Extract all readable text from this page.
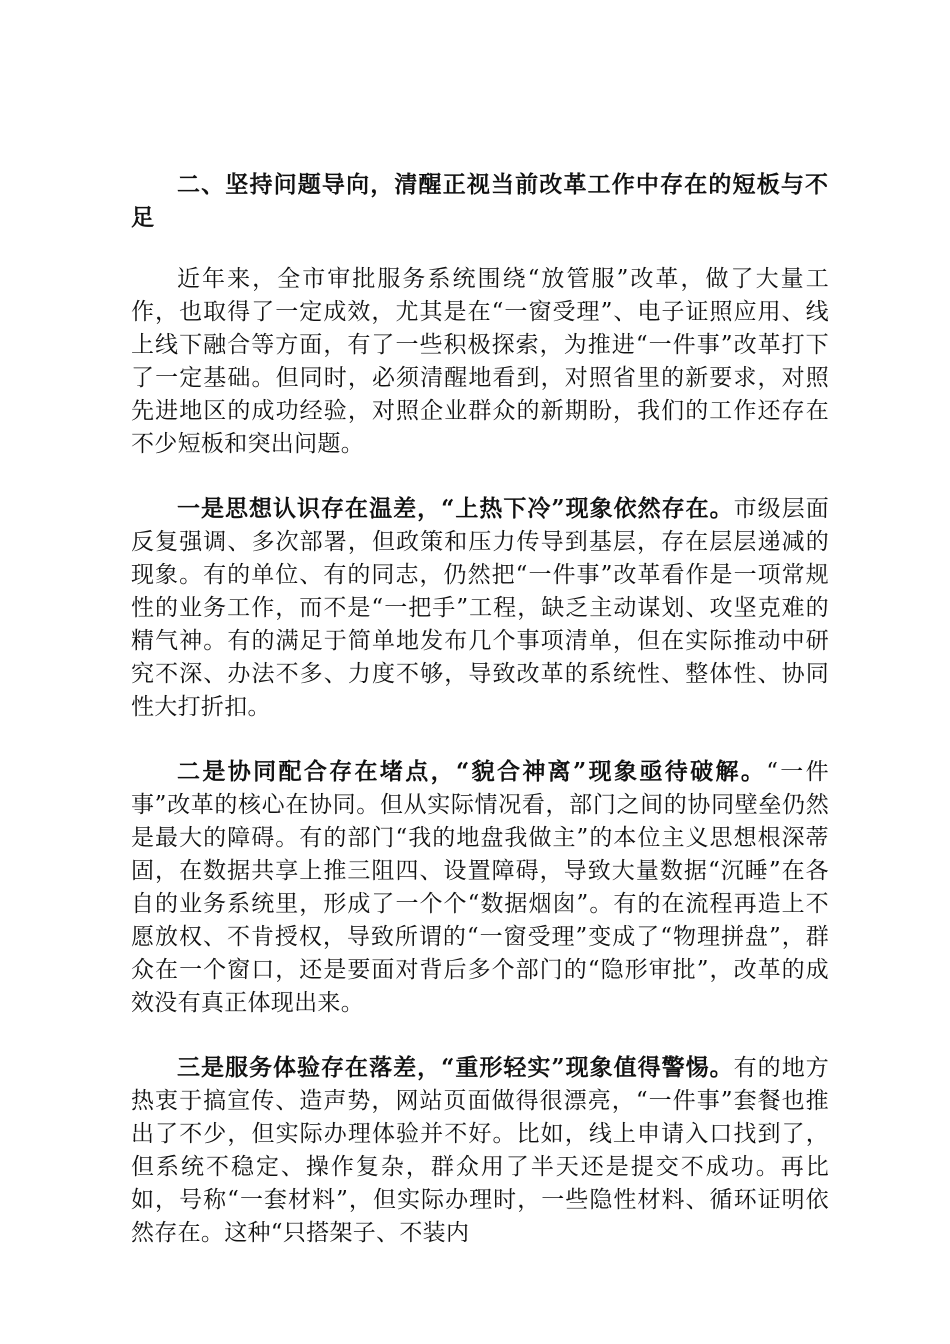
二、坚持问题导向，清醒正视当前改革工作中存在的短板与不足

近年来，全市审批服务系统围绕“放管服”改革，做了大量工作，也取得了一定成效，尤其是在“一窗受理”、电子证照应用、线上线下融合等方面，有了一些积极探索，为推进“一件事”改革打下了一定基础。但同时，必须清醒地看到，对照省里的新要求，对照先进地区的成功经验，对照企业群众的新期盼，我们的工作还存在不少短板和突出问题。

一是思想认识存在温差，“上热下冷”现象依然存在。市级层面反复强调、多次部署，但政策和压力传导到基层，存在层层递减的现象。有的单位、有的同志，仍然把“一件事”改革看作是一项常规性的业务工作，而不是“一把手”工程，缺乏主动谋划、攻坚克难的精气神。有的满足于简单地发布几个事项清单，但在实际推动中研究不深、办法不多、力度不够，导致改革的系统性、整体性、协同性大打折扣。

二是协同配合存在堵点，“貌合神离”现象亟待破解。“一件事”改革的核心在协同。但从实际情况看，部门之间的协同壁垒仍然是最大的障碍。有的部门“我的地盘我做主”的本位主义思想根深蒂固，在数据共享上推三阻四、设置障碍，导致大量数据“沉睡”在各自的业务系统里，形成了一个个“数据烟囱”。有的在流程再造上不愿放权、不肯授权，导致所谓的“一窗受理”变成了“物理拼盘”，群众在一个窗口，还是要面对背后多个部门的“隐形审批”，改革的成效没有真正体现出来。

三是服务体验存在落差，“重形轻实”现象值得警惕。有的地方热衷于搞宣传、造声势，网站页面做得很漂亮，“一件事”套餐也推出了不少，但实际办理体验并不好。比如，线上申请入口找到了，但系统不稳定、操作复杂，群众用了半天还是提交不成功。再比如，号称“一套材料”，但实际办理时，一些隐性材料、循环证明依然存在。这种“只搭架子、不装内
